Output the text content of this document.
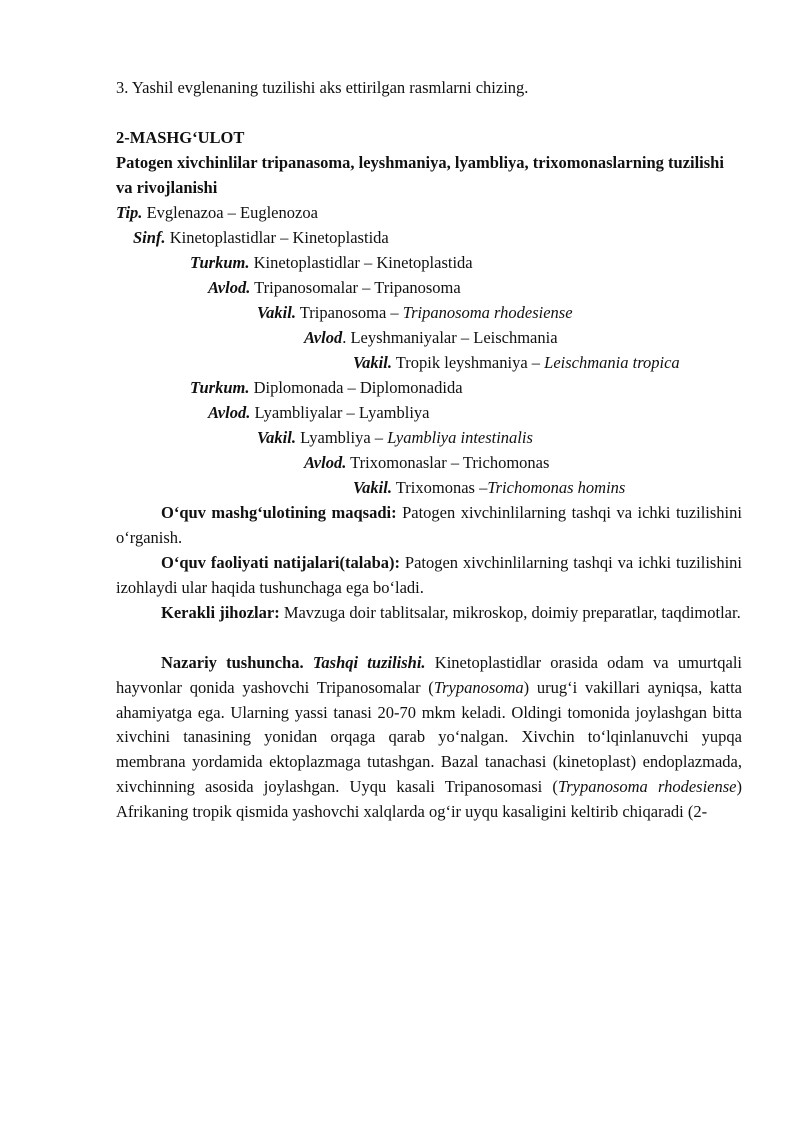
3. Yashil evglenaning tuzilishi aks ettirilgan rasmlarni chizing.
2-MASHG‘ULOT
Patogen xivchinlilar tripanasoma, leyshmaniya, lyambliya, trixomonaslarning tuzilishi va rivojlanishi
Tip. Evglenazoa – Euglenozoa
Sinf. Kinetoplastidlar – Kinetoplastida
Turkum. Kinetoplastidlar – Kinetoplastida
Avlod. Tripanosomalar – Tripanosoma
Vakil. Tripanosoma – Tripanosoma rhodesiense
Avlod. Leyshmaniyalar – Leischmania
Vakil. Tropik leyshmaniya – Leischmania tropica
Turkum. Diplomonada – Diplomonadida
Avlod. Lyambliyalar – Lyambliya
Vakil. Lyambliya – Lyambliya intestinalis
Avlod. Trixomonaslar – Trichomonas
Vakil. Trixomonas –Trichomonas homins
O‘quv mashg‘ulotining maqsadi: Patogen xivchinlilarning tashqi va ichki tuzilishini o‘rganish.
O‘quv faoliyati natijalari(talaba): Patogen xivchinlilarning tashqi va ichki tuzilishini izohlaydi ular haqida tushunchaga ega bo‘ladi.
Kerakli jihozlar: Mavzuga doir tablitsalar, mikroskop, doimiy preparatlar, taqdimotlar.
Nazariy tushuncha. Tashqi tuzilishi. Kinetoplastidlar orasida odam va umurtqali hayvonlar qonida yashovchi Tripanosomalar (Trypanosoma) urug‘i vakillari ayniqsa, katta ahamiyatga ega. Ularning yassi tanasi 20-70 mkm keladi. Oldingi tomonida joylashgan bitta xivchini tanasining yonidan orqaga qarab yo‘nalgan. Xivchin to‘lqinlanuvchi yupqa membrana yordamida ektoplazmaga tutashgan. Bazal tanachasi (kinetoplast) endoplazmada, xivchinning asosida joylashgan. Uyqu kasali Tripanosomasi (Trypanosoma rhodesiense) Afrikaning tropik qismida yashovchi xalqlarda og‘ir uyqu kasaligini keltirib chiqaradi (2-
